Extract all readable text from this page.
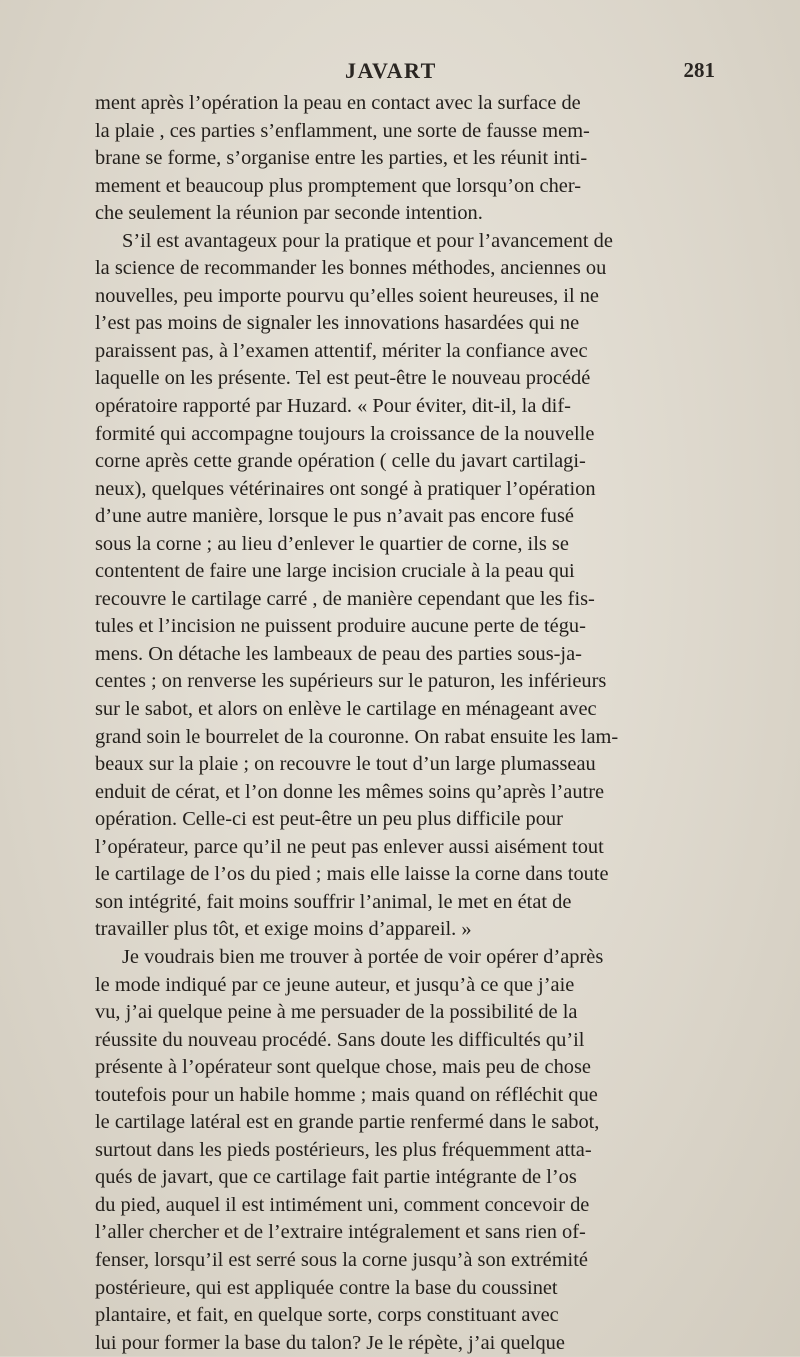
JAVART	281
ment après l’opération la peau en contact avec la surface de
la plaie , ces parties s’enflamment, une sorte de fausse mem-
brane se forme, s’organise entre les parties, et les réunit inti-
mement et beaucoup plus promptement que lorsqu’on cher-
che seulement la réunion par seconde intention.
S’il est avantageux pour la pratique et pour l’avancement de
la science de recommander les bonnes méthodes, anciennes ou
nouvelles, peu importe pourvu qu’elles soient heureuses, il ne
l’est pas moins de signaler les innovations hasardées qui ne
paraissent pas, à l’examen attentif, mériter la confiance avec
laquelle on les présente. Tel est peut-être le nouveau procédé
opératoire rapporté par Huzard. « Pour éviter, dit-il, la dif-
formité qui accompagne toujours la croissance de la nouvelle
corne après cette grande opération ( celle du javart cartilagi-
neux), quelques vétérinaires ont songé à pratiquer l’opération
d’une autre manière, lorsque le pus n’avait pas encore fusé
sous la corne ; au lieu d’enlever le quartier de corne, ils se
contentent de faire une large incision cruciale à la peau qui
recouvre le cartilage carré , de manière cependant que les fis-
tules et l’incision ne puissent produire aucune perte de tégu-
mens. On détache les lambeaux de peau des parties sous-ja-
centes ; on renverse les supérieurs sur le paturon, les inférieurs
sur le sabot, et alors on enlève le cartilage en ménageant avec
grand soin le bourrelet de la couronne. On rabat ensuite les lam-
beaux sur la plaie ; on recouvre le tout d’un large plumasseau
enduit de cérat, et l’on donne les mêmes soins qu’après l’autre
opération. Celle-ci est peut-être un peu plus difficile pour
l’opérateur, parce qu’il ne peut pas enlever aussi aisément tout
le cartilage de l’os du pied ; mais elle laisse la corne dans toute
son intégrité, fait moins souffrir l’animal, le met en état de
travailler plus tôt, et exige moins d’appareil. »
Je voudrais bien me trouver à portée de voir opérer d’après
le mode indiqué par ce jeune auteur, et jusqu’à ce que j’aie
vu, j’ai quelque peine à me persuader de la possibilité de la
réussite du nouveau procédé. Sans doute les difficultés qu’il
présente à l’opérateur sont quelque chose, mais peu de chose
toutefois pour un habile homme ; mais quand on réfléchit que
le cartilage latéral est en grande partie renfermé dans le sabot,
surtout dans les pieds postérieurs, les plus fréquemment atta-
qués de javart, que ce cartilage fait partie intégrante de l’os
du pied, auquel il est intimément uni, comment concevoir de
l’aller chercher et de l’extraire intégralement et sans rien of-
fenser, lorsqu’il est serré sous la corne jusqu’à son extrémité
postérieure, qui est appliquée contre la base du coussinet
plantaire, et fait, en quelque sorte, corps constituant avec
lui pour former la base du talon? Je le répète, j’ai quelque
